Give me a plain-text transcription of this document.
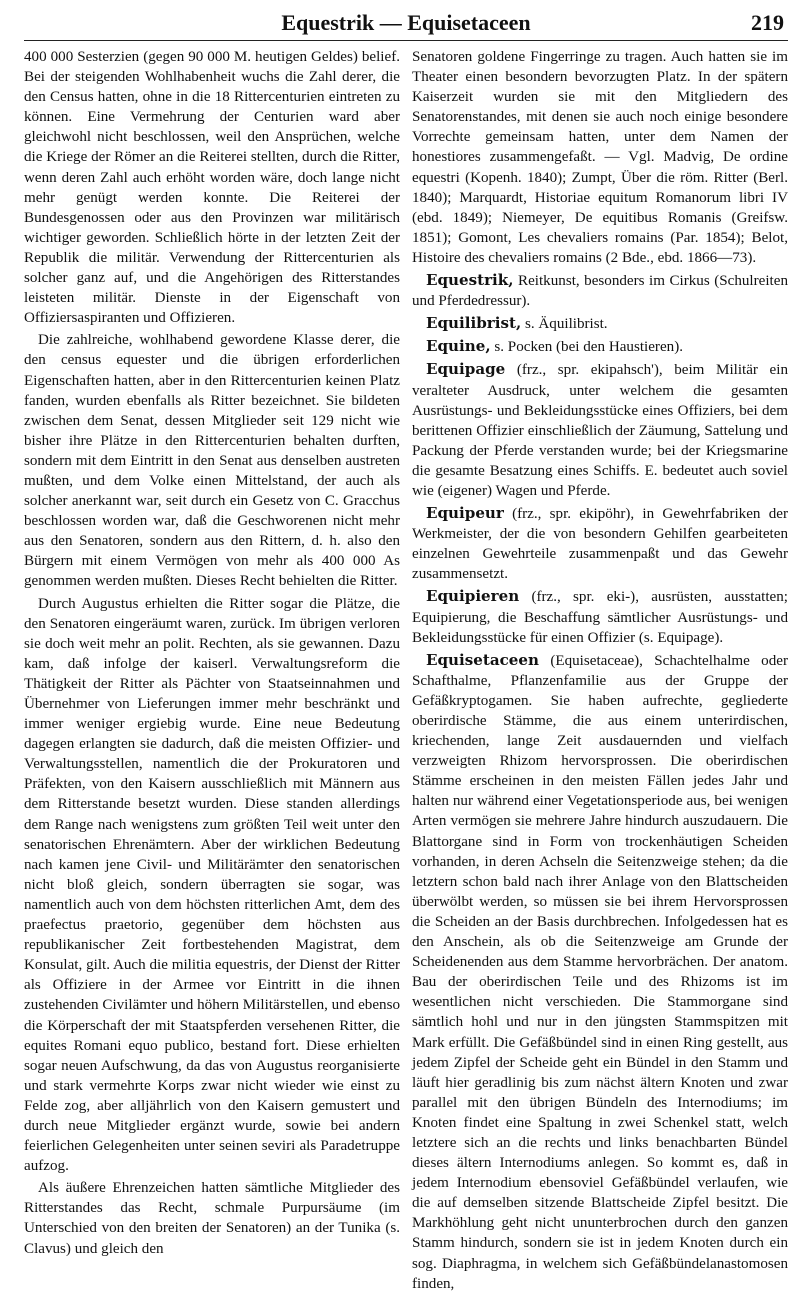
Equestrik — Equisetaceen	219

400 000 Sesterzien (gegen 90 000 M. heutigen Geldes) belief. Bei der steigenden Wohlhabenheit wuchs die Zahl derer, die den Census hatten, ohne in die 18 Rittercenturien eintreten zu können. Eine Vermehrung der Centurien ward aber gleichwohl nicht beschlossen, weil den Ansprüchen, welche die Kriege der Römer an die Reiterei stellten, durch die Ritter, wenn deren Zahl auch erhöht worden wäre, doch lange nicht mehr genügt werden konnte. Die Reiterei der Bundesgenossen oder aus den Provinzen war militärisch wichtiger geworden. Schließlich hörte in der letzten Zeit der Republik die militär. Verwendung der Rittercenturien als solcher ganz auf, und die Angehörigen des Ritterstandes leisteten militär. Dienste in der Eigenschaft von Offiziersaspiranten und Offizieren.

Die zahlreiche, wohlhabend gewordene Klasse derer, die den census equester und die übrigen erforderlichen Eigenschaften hatten, aber in den Rittercenturien keinen Platz fanden, wurden ebenfalls als Ritter bezeichnet. Sie bildeten zwischen dem Senat, dessen Mitglieder seit 129 nicht wie bisher ihre Plätze in den Rittercenturien behalten durften, sondern mit dem Eintritt in den Senat aus denselben austreten mußten, und dem Volke einen Mittelstand, der auch als solcher anerkannt war, seit durch ein Gesetz von C. Gracchus beschlossen worden war, daß die Geschworenen nicht mehr aus den Senatoren, sondern aus den Rittern, d. h. also den Bürgern mit einem Vermögen von mehr als 400 000 As genommen werden mußten. Dieses Recht behielten die Ritter.

Durch Augustus erhielten die Ritter sogar die Plätze, die den Senatoren eingeräumt waren, zurück. Im übrigen verloren sie doch weit mehr an polit. Rechten, als sie gewannen. Dazu kam, daß infolge der kaiserl. Verwaltungsreform die Thätigkeit der Ritter als Pächter von Staatseinnahmen und Übernehmer von Lieferungen immer mehr beschränkt und immer weniger ergiebig wurde. Eine neue Bedeutung dagegen erlangten sie dadurch, daß die meisten Offizier- und Verwaltungsstellen, namentlich die der Prokuratoren und Präfekten, von den Kaisern ausschließlich mit Männern aus dem Ritterstande besetzt wurden. Diese standen allerdings dem Range nach wenigstens zum größten Teil weit unter den senatorischen Ehrenämtern. Aber der wirklichen Bedeutung nach kamen jene Civil- und Militärämter den senatorischen nicht bloß gleich, sondern überragten sie sogar, was namentlich auch von dem höchsten ritterlichen Amt, dem des praefectus praetorio, gegenüber dem höchsten aus republikanischer Zeit fortbestehenden Magistrat, dem Konsulat, gilt. Auch die militia equestris, der Dienst der Ritter als Offiziere in der Armee vor Eintritt in die ihnen zustehenden Civilämter und höhern Militärstellen, und ebenso die Körperschaft der mit Staatspferden versehenen Ritter, die equites Romani equo publico, bestand fort. Diese erhielten sogar neuen Aufschwung, da das von Augustus reorganisierte und stark vermehrte Korps zwar nicht wieder wie einst zu Felde zog, aber alljährlich von den Kaisern gemustert und durch neue Mitglieder ergänzt wurde, sowie bei andern feierlichen Gelegenheiten unter seinen seviri als Paradetruppe aufzog.

Als äußere Ehrenzeichen hatten sämtliche Mitglieder des Ritterstandes das Recht, schmale Purpursäume (im Unterschied von den breiten der Senatoren) an der Tunika (s. Clavus) und gleich den

Senatoren goldene Fingerringe zu tragen. Auch hatten sie im Theater einen besondern bevorzugten Platz. In der spätern Kaiserzeit wurden sie mit den Mitgliedern des Senatorenstandes, mit denen sie auch noch einige besondere Vorrechte gemeinsam hatten, unter dem Namen der honestiores zusammengefaßt. — Vgl. Madvig, De ordine equestri (Kopenh. 1840); Zumpt, Über die röm. Ritter (Berl. 1840); Marquardt, Historiae equitum Romanorum libri IV (ebd. 1849); Niemeyer, De equitibus Romanis (Greifsw. 1851); Gomont, Les chevaliers romains (Par. 1854); Belot, Histoire des chevaliers romains (2 Bde., ebd. 1866—73).

Equestrik, Reitkunst, besonders im Cirkus (Schulreiten und Pferdedressur).

Equilibrist, s. Äquilibrist.

Equine, s. Pocken (bei den Haustieren).

Equipage (frz., spr. ekipahsch'), beim Militär ein veralteter Ausdruck, unter welchem die gesamten Ausrüstungs- und Bekleidungsstücke eines Offiziers, bei dem berittenen Offizier einschließlich der Zäumung, Sattelung und Packung der Pferde verstanden wurde; bei der Kriegsmarine die gesamte Besatzung eines Schiffs. E. bedeutet auch soviel wie (eigener) Wagen und Pferde.

Equipeur (frz., spr. ekipöhr), in Gewehrfabriken der Werkmeister, der die von besondern Gehilfen gearbeiteten einzelnen Gewehrteile zusammenpaßt und das Gewehr zusammensetzt.

Equipieren (frz., spr. eki-), ausrüsten, ausstatten; Equipierung, die Beschaffung sämtlicher Ausrüstungs- und Bekleidungsstücke für einen Offizier (s. Equipage).

Equisetaceen (Equisetaceae), Schachtelhalme oder Schafthalme, Pflanzenfamilie aus der Gruppe der Gefäßkryptogamen. Sie haben aufrechte, gegliederte oberirdische Stämme, die aus einem unterirdischen, kriechenden, lange Zeit ausdauernden und vielfach verzweigten Rhizom hervorsprossen. Die oberirdischen Stämme erscheinen in den meisten Fällen jedes Jahr und halten nur während einer Vegetationsperiode aus, bei wenigen Arten vermögen sie mehrere Jahre hindurch auszudauern. Die Blattorgane sind in Form von trockenhäutigen Scheiden vorhanden, in deren Achseln die Seitenzweige stehen; da die letztern schon bald nach ihrer Anlage von den Blattscheiden überwölbt werden, so müssen sie bei ihrem Hervorsprossen die Scheiden an der Basis durchbrechen. Infolgedessen hat es den Anschein, als ob die Seitenzweige am Grunde der Scheidenenden aus dem Stamme hervorbrächen. Der anatom. Bau der oberirdischen Teile und des Rhizoms ist im wesentlichen nicht verschieden. Die Stammorgane sind sämtlich hohl und nur in den jüngsten Stammspitzen mit Mark erfüllt. Die Gefäßbündel sind in einen Ring gestellt, aus jedem Zipfel der Scheide geht ein Bündel in den Stamm und läuft hier geradlinig bis zum nächst ältern Knoten und zwar parallel mit den übrigen Bündeln des Internodiums; im Knoten findet eine Spaltung in zwei Schenkel statt, welch letztere sich an die rechts und links benachbarten Bündel dieses ältern Internodiums anlegen. So kommt es, daß in jedem Internodium ebensoviel Gefäßbündel verlaufen, wie die auf demselben sitzende Blattscheide Zipfel besitzt. Die Markhöhlung geht nicht ununterbrochen durch den ganzen Stamm hindurch, sondern sie ist in jedem Knoten durch ein sog. Diaphragma, in welchem sich Gefäßbündelanastomosen finden,
